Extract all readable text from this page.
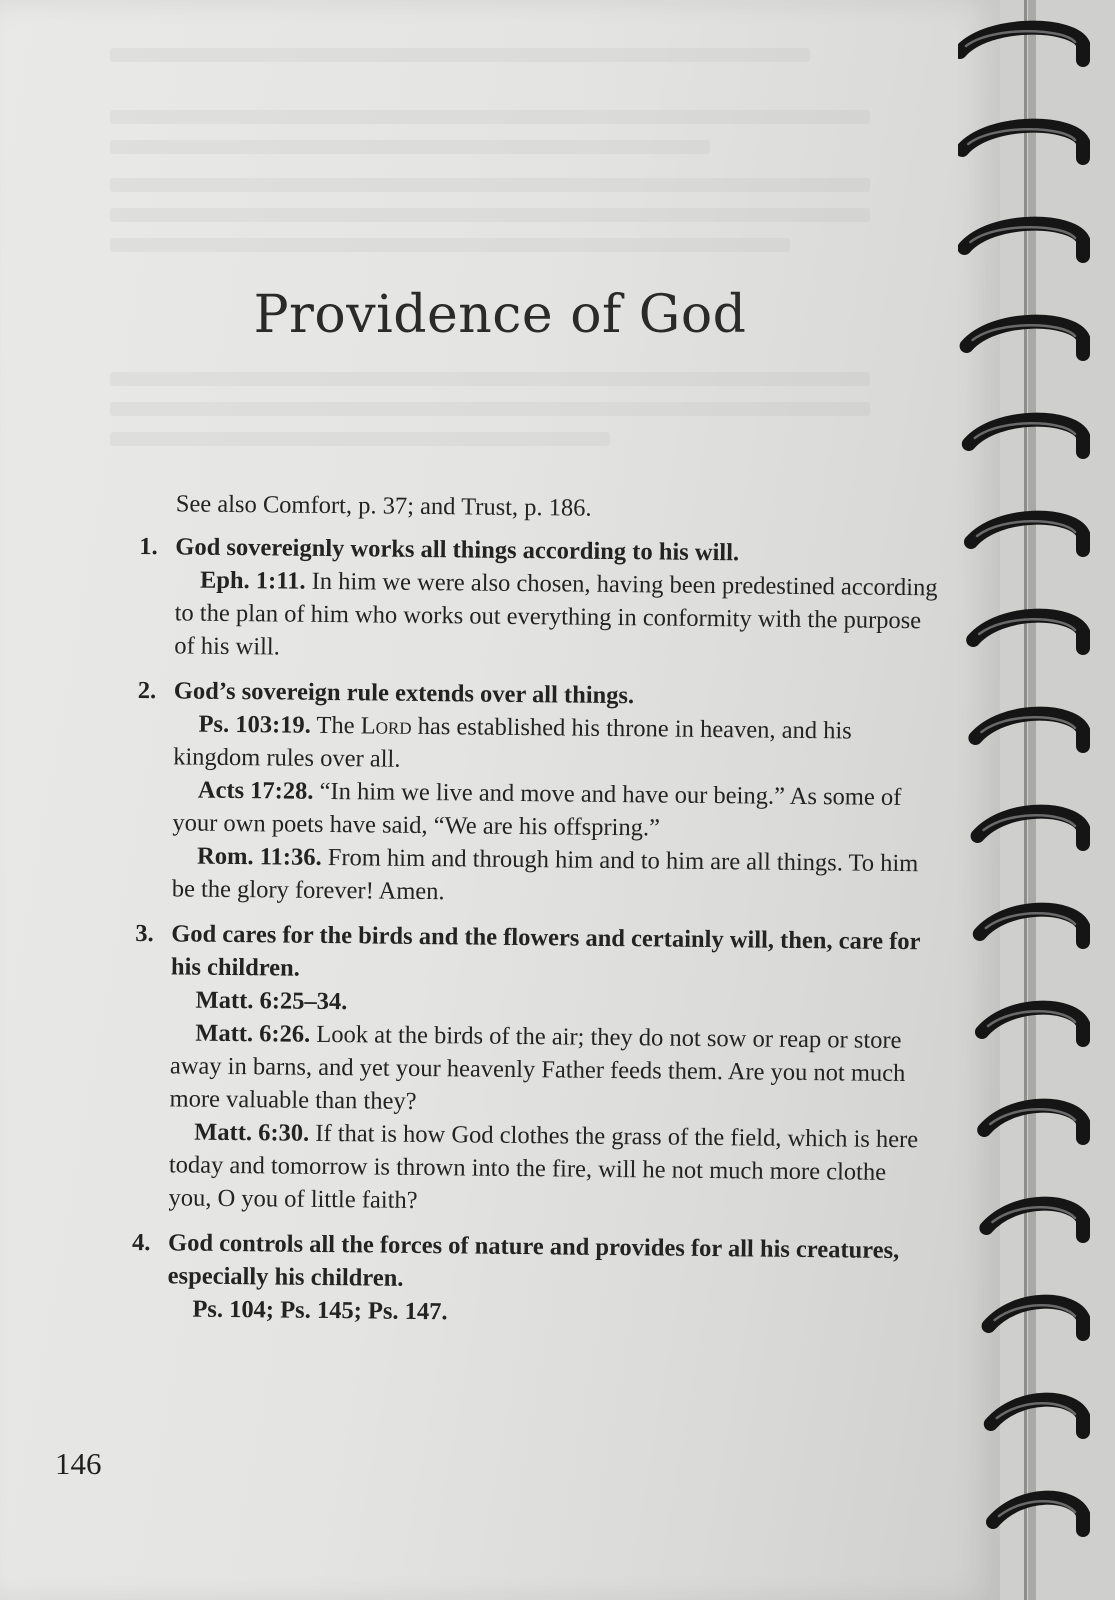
Providence of God
See also Comfort, p. 37; and Trust, p. 186.
1. God sovereignly works all things according to his will.

Eph. 1:11. In him we were also chosen, having been predestined according to the plan of him who works out everything in conformity with the purpose of his will.

2. God’s sovereign rule extends over all things.

Ps. 103:19. The Lord has established his throne in heaven, and his kingdom rules over all.

Acts 17:28. “In him we live and move and have our being.” As some of your own poets have said, “We are his offspring.”

Rom. 11:36. From him and through him and to him are all things. To him be the glory forever! Amen.

3. God cares for the birds and the flowers and certainly will, then, care for his children.

Matt. 6:25–34.

Matt. 6:26. Look at the birds of the air; they do not sow or reap or store away in barns, and yet your heavenly Father feeds them. Are you not much more valuable than they?

Matt. 6:30. If that is how God clothes the grass of the field, which is here today and tomorrow is thrown into the fire, will he not much more clothe you, O you of little faith?

4. God controls all the forces of nature and provides for all his creatures, especially his children.

Ps. 104; Ps. 145; Ps. 147.

146
